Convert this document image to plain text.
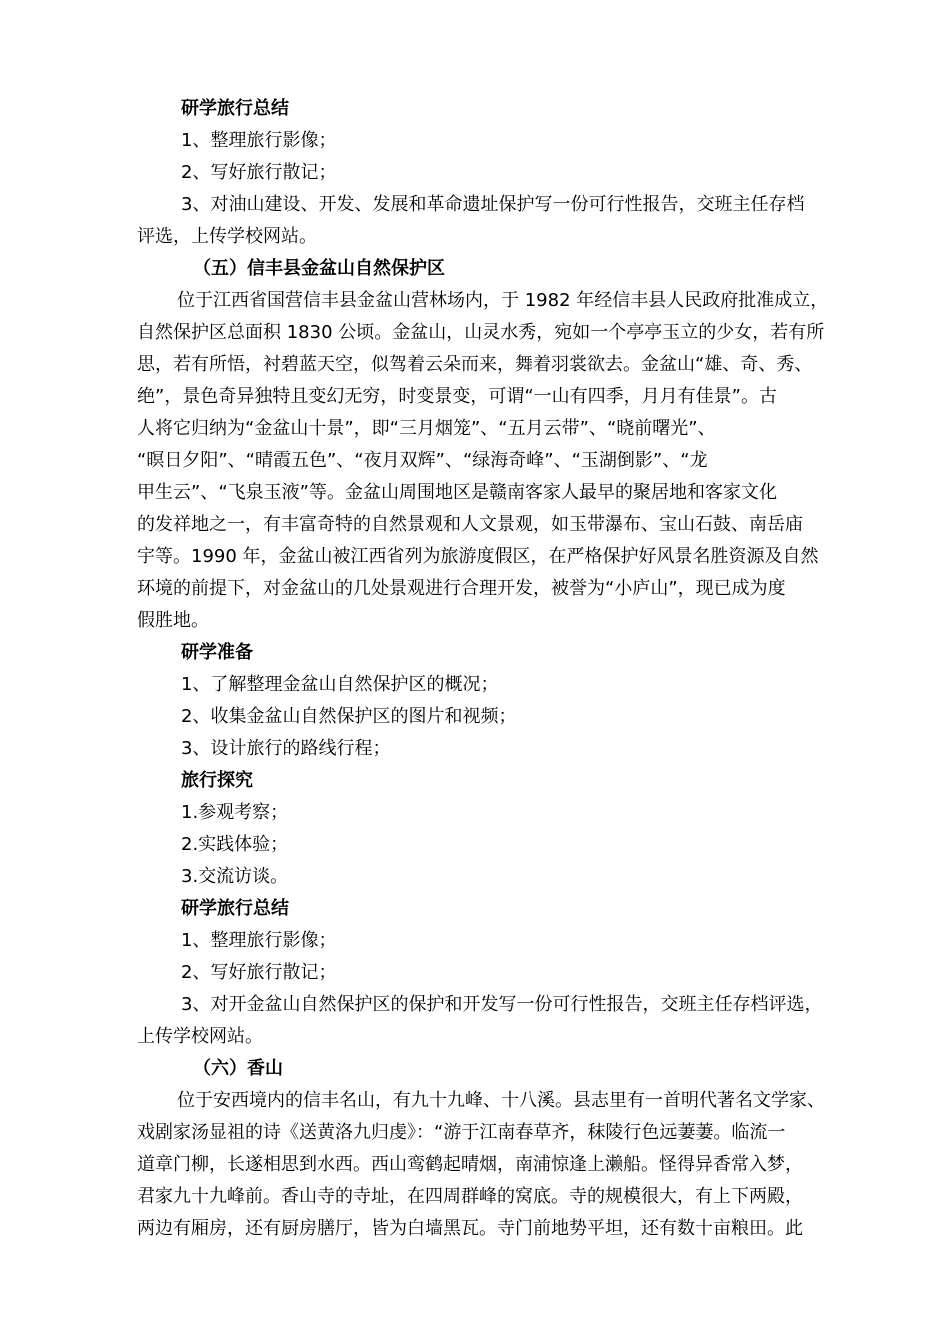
研学旅行总结
1、整理旅行影像；
2、写好旅行散记；
3、对油山建设、开发、发展和革命遗址保护写一份可行性报告，交班主任存档
评选，上传学校网站。
（五）信丰县金盆山自然保护区
位于江西省国营信丰县金盆山营林场内，于 1982 年经信丰县人民政府批准成立，
自然保护区总面积 1830 公顷。金盆山，山灵水秀，宛如一个亭亭玉立的少女，若有所
思，若有所悟，衬碧蓝天空，似驾着云朵而来，舞着羽裳欲去。金盆山“雄、奇、秀、
绝”，景色奇异独特且变幻无穷，时变景变，可谓“一山有四季，月月有佳景”。古
人将它归纳为“金盆山十景”，即“三月烟笼”、“五月云带”、“晓前曙光”、
“暝日夕阳”、“晴霞五色”、“夜月双辉”、“绿海奇峰”、“玉湖倒影”、“龙
甲生云”、“飞泉玉液”等。金盆山周围地区是赣南客家人最早的聚居地和客家文化
的发祥地之一，有丰富奇特的自然景观和人文景观，如玉带瀑布、宝山石鼓、南岳庙
宇等。1990 年，金盆山被江西省列为旅游度假区，在严格保护好风景名胜资源及自然
环境的前提下，对金盆山的几处景观进行合理开发，被誉为“小庐山”，现已成为度
假胜地。
研学准备
1、了解整理金盆山自然保护区的概况；
2、收集金盆山自然保护区的图片和视频；
3、设计旅行的路线行程；
旅行探究
1.参观考察；
2.实践体验；
3.交流访谈。
研学旅行总结
1、整理旅行影像；
2、写好旅行散记；
3、对开金盆山自然保护区的保护和开发写一份可行性报告，交班主任存档评选，
上传学校网站。
（六）香山
位于安西境内的信丰名山，有九十九峰、十八溪。县志里有一首明代著名文学家、
戏剧家汤显祖的诗《送黄洛九归虔》：“游于江南春草齐，秣陵行色远萋萋。临流一
道章门柳，长遂相思到水西。西山鸾鹤起晴烟，南浦惊逢上濑船。怪得异香常入梦，
君家九十九峰前。香山寺的寺址，在四周群峰的窝底。寺的规模很大，有上下两殿，
两边有厢房，还有厨房膳厅，皆为白墙黑瓦。寺门前地势平坦，还有数十亩粮田。此
